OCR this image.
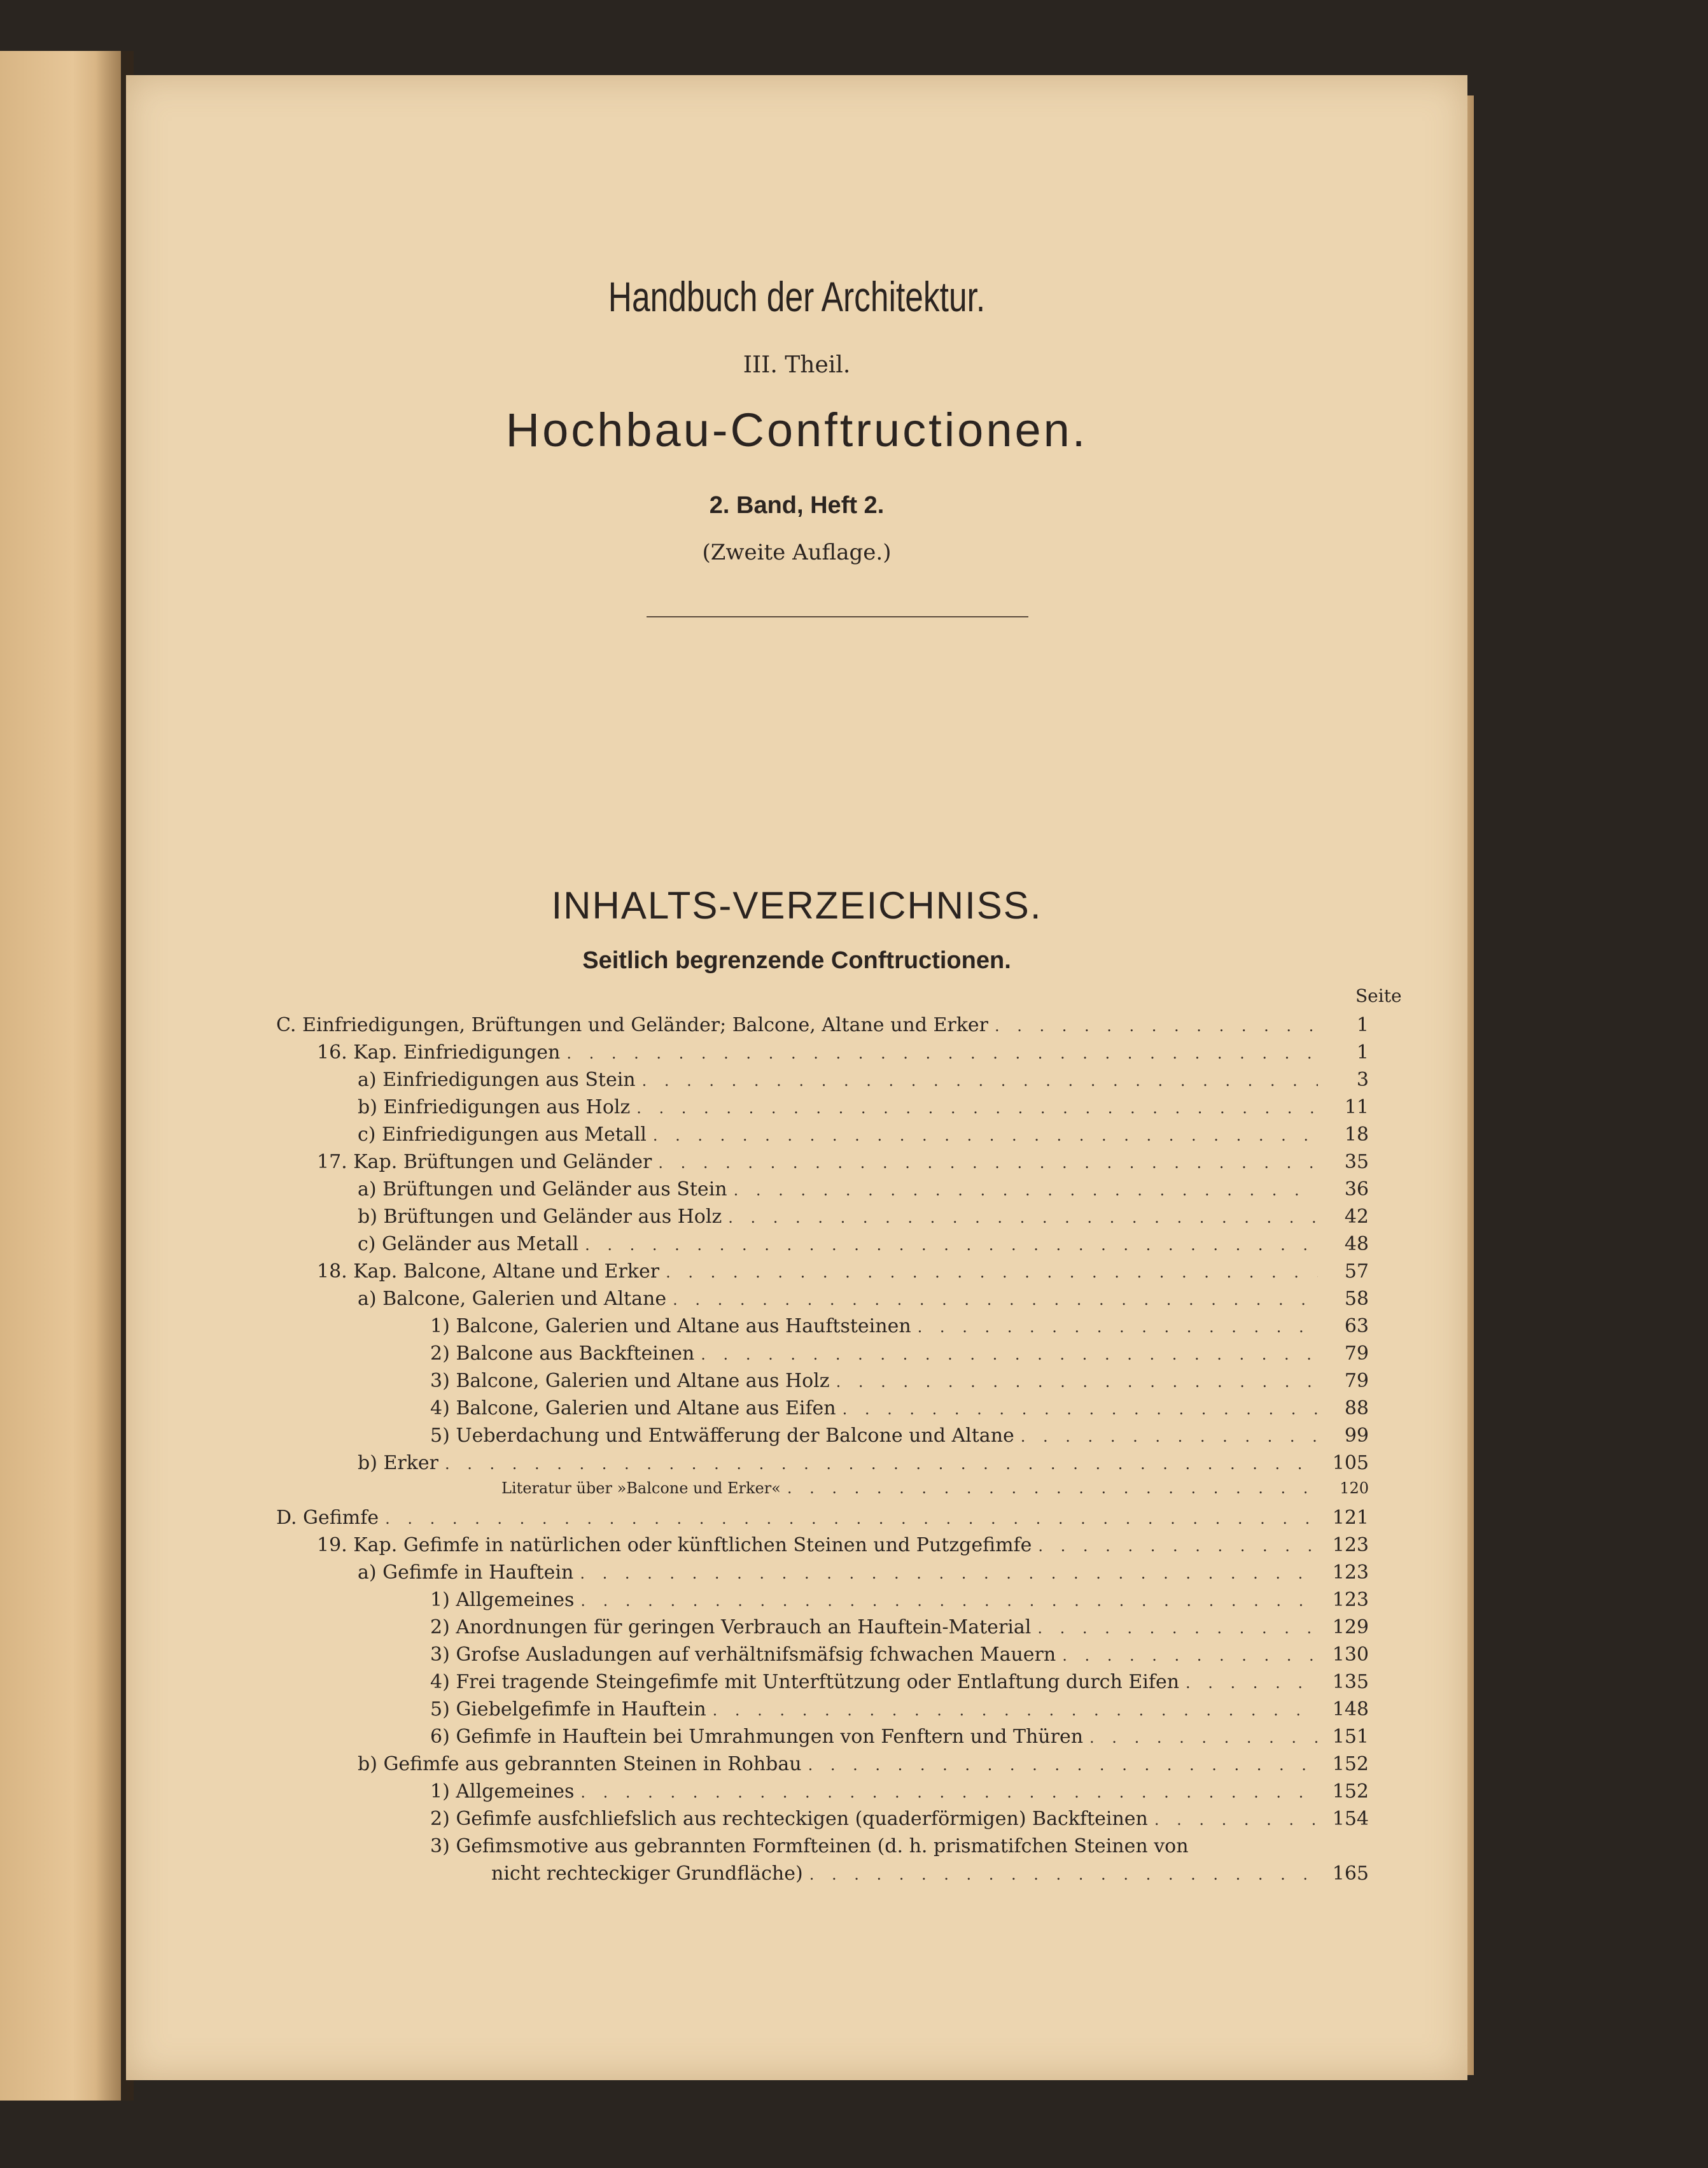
Handbuch der Architektur.
III. Theil.
Hochbau-Conftructionen.
2. Band, Heft 2.
(Zweite Auflage.)
INHALTS-VERZEICHNISS.
Seitlich begrenzende Conftructionen.
Seite
C. Einfriedigungen, Brüftungen und Geländer; Balcone, Altane und Erker . . .	1
16. Kap. Einfriedigungen . . .	1
a) Einfriedigungen aus Stein . . .	3
b) Einfriedigungen aus Holz . . .	11
c) Einfriedigungen aus Metall . . .	18
17. Kap. Brüftungen und Geländer . . .	35
a) Brüftungen und Geländer aus Stein . . .	36
b) Brüftungen und Geländer aus Holz . . .	42
c) Geländer aus Metall . . .	48
18. Kap. Balcone, Altane und Erker . . .	57
a) Balcone, Galerien und Altane . . .	58
1) Balcone, Galerien und Altane aus Hauftsteinen . . .	63
2) Balcone aus Backfteinen . . .	79
3) Balcone, Galerien und Altane aus Holz . . .	79
4) Balcone, Galerien und Altane aus Eifen . . .	88
5) Ueberdachung und Entwäfferung der Balcone und Altane . . .	99
b) Erker . . .	105
Literatur über »Balcone und Erker« . . .	120
D. Gefimfe . . .	121
19. Kap. Gefimfe in natürlichen oder künftlichen Steinen und Putzgefimfe . . .	123
a) Gefimfe in Hauftein . . .	123
1) Allgemeines . . .	123
2) Anordnungen für geringen Verbrauch an Hauftein-Material . . .	129
3) Grofse Ausladungen auf verhältnifsmäfsig fchwachen Mauern . . .	130
4) Frei tragende Steingefimfe mit Unterftützung oder Entlaftung durch Eifen . . .	135
5) Giebelgefimfe in Hauftein . . .	148
6) Gefimfe in Hauftein bei Umrahmungen von Fenftern und Thüren . . .	151
b) Gefimfe aus gebrannten Steinen in Rohbau . . .	152
1) Allgemeines . . .	152
2) Gefimfe ausfchliefslich aus rechteckigen (quaderförmigen) Backfteinen . . .	154
3) Gefimsmotive aus gebrannten Formfteinen (d. h. prismatifchen Steinen von
nicht rechteckiger Grundfläche) . . .	165
